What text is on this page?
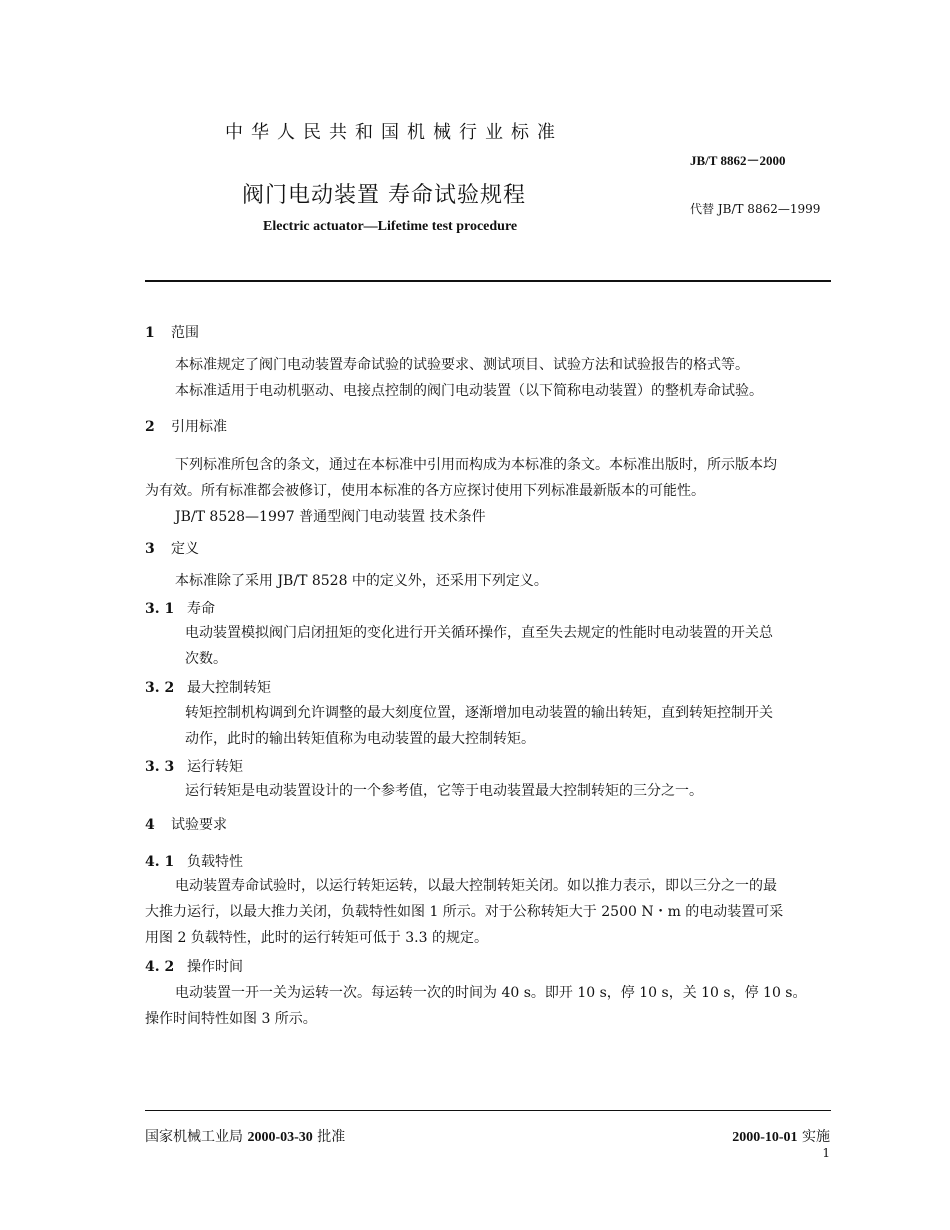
中华人民共和国机械行业标准
JB/T 8862－2000
阀门电动装置 寿命试验规程
代替 JB/T 8862—1999
Electric actuator—Lifetime test procedure
1 范围
本标准规定了阀门电动装置寿命试验的试验要求、测试项目、试验方法和试验报告的格式等。
本标准适用于电动机驱动、电接点控制的阀门电动装置（以下简称电动装置）的整机寿命试验。
2 引用标准
下列标准所包含的条文，通过在本标准中引用而构成为本标准的条文。本标准出版时，所示版本均
为有效。所有标准都会被修订，使用本标准的各方应探讨使用下列标准最新版本的可能性。
JB/T 8528—1997 普通型阀门电动装置 技术条件
3 定义
本标准除了采用 JB/T 8528 中的定义外，还采用下列定义。
3. 1 寿命
电动装置模拟阀门启闭扭矩的变化进行开关循环操作，直至失去规定的性能时电动装置的开关总
次数。
3. 2 最大控制转矩
转矩控制机构调到允许调整的最大刻度位置，逐渐增加电动装置的输出转矩，直到转矩控制开关
动作，此时的输出转矩值称为电动装置的最大控制转矩。
3. 3 运行转矩
运行转矩是电动装置设计的一个参考值，它等于电动装置最大控制转矩的三分之一。
4 试验要求
4. 1 负载特性
电动装置寿命试验时，以运行转矩运转，以最大控制转矩关闭。如以推力表示，即以三分之一的最
大推力运行，以最大推力关闭，负载特性如图 1 所示。对于公称转矩大于 2500 N・m 的电动装置可采
用图 2 负载特性，此时的运行转矩可低于 3.3 的规定。
4. 2 操作时间
电动装置一开一关为运转一次。每运转一次的时间为 40 s。即开 10 s，停 10 s，关 10 s，停 10 s。
操作时间特性如图 3 所示。
国家机械工业局 2000-03-30 批准	2000-10-01 实施
1
